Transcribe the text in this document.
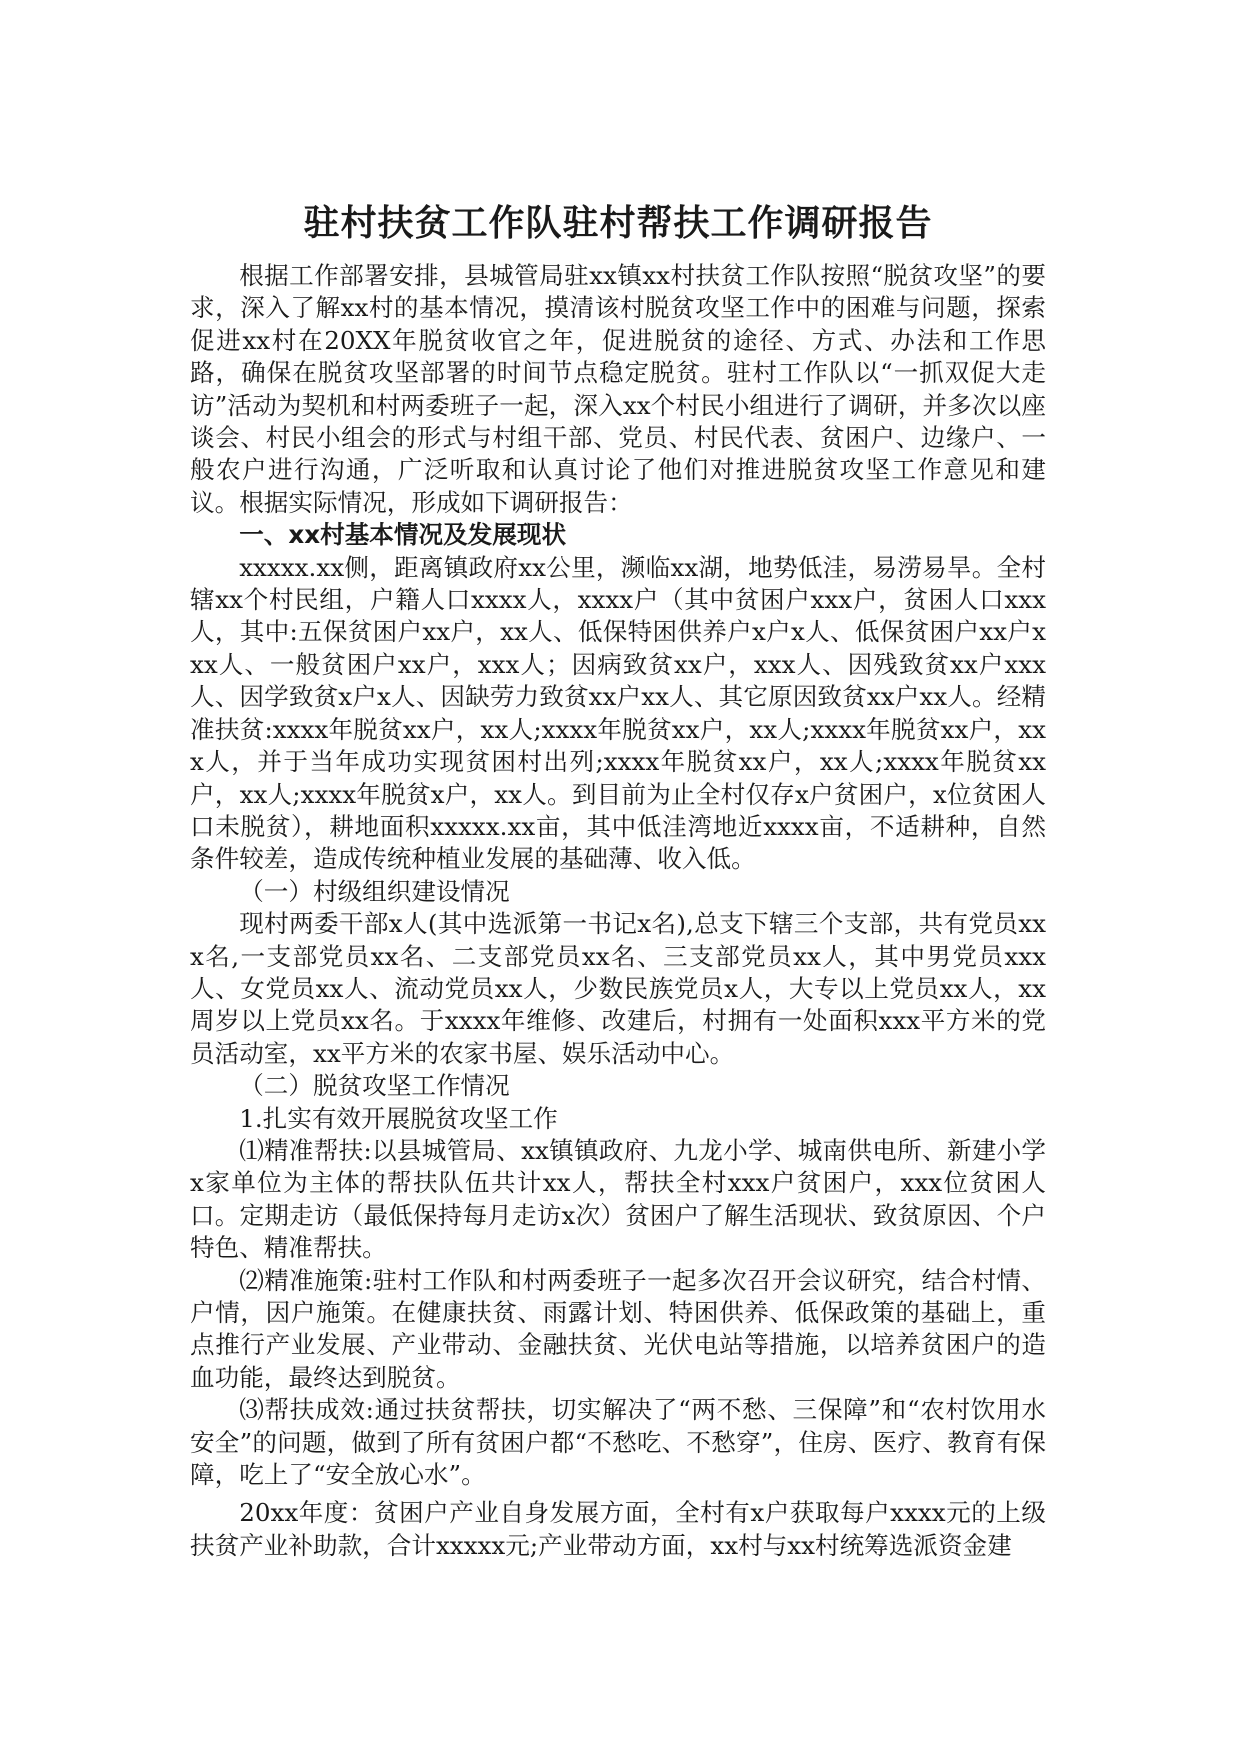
驻村扶贫工作队驻村帮扶工作调研报告

根据工作部署安排，县城管局驻xx镇xx村扶贫工作队按照“脱贫攻坚”的要求，深入了解xx村的基本情况，摸清该村脱贫攻坚工作中的困难与问题，探索促进xx村在20XX年脱贫收官之年，促进脱贫的途径、方式、办法和工作思路，确保在脱贫攻坚部署的时间节点稳定脱贫。驻村工作队以“一抓双促大走访”活动为契机和村两委班子一起，深入xx个村民小组进行了调研，并多次以座谈会、村民小组会的形式与村组干部、党员、村民代表、贫困户、边缘户、一般农户进行沟通，广泛听取和认真讨论了他们对推进脱贫攻坚工作意见和建议。根据实际情况，形成如下调研报告：

一、xx村基本情况及发展现状

xxxxx.xx侧，距离镇政府xx公里，濒临xx湖，地势低洼，易涝易旱。全村辖xx个村民组，户籍人口xxxx人，xxxx户（其中贫困户xxx户，贫困人口xxx人，其中:五保贫困户xx户，xx人、低保特困供养户x户x人、低保贫困户xx户xxx人、一般贫困户xx户，xxx人；因病致贫xx户，xxx人、因残致贫xx户xxx人、因学致贫x户x人、因缺劳力致贫xx户xx人、其它原因致贫xx户xx人。经精准扶贫:xxxx年脱贫xx户，xx人;xxxx年脱贫xx户，xx人;xxxx年脱贫xx户，xxx人，并于当年成功实现贫困村出列;xxxx年脱贫xx户，xx人;xxxx年脱贫xx户，xx人;xxxx年脱贫x户，xx人。到目前为止全村仅存x户贫困户，x位贫困人口未脱贫），耕地面积xxxxx.xx亩，其中低洼湾地近xxxx亩，不适耕种，自然条件较差，造成传统种植业发展的基础薄、收入低。

（一）村级组织建设情况

现村两委干部x人(其中选派第一书记x名),总支下辖三个支部，共有党员xxx名,一支部党员xx名、二支部党员xx名、三支部党员xx人，其中男党员xxx人、女党员xx人、流动党员xx人，少数民族党员x人，大专以上党员xx人，xx周岁以上党员xx名。于xxxx年维修、改建后，村拥有一处面积xxx平方米的党员活动室，xx平方米的农家书屋、娱乐活动中心。

（二）脱贫攻坚工作情况

1.扎实有效开展脱贫攻坚工作

⑴精准帮扶:以县城管局、xx镇镇政府、九龙小学、城南供电所、新建小学x家单位为主体的帮扶队伍共计xx人，帮扶全村xxx户贫困户，xxx位贫困人口。定期走访（最低保持每月走访x次）贫困户了解生活现状、致贫原因、个户特色、精准帮扶。

⑵精准施策:驻村工作队和村两委班子一起多次召开会议研究，结合村情、户情，因户施策。在健康扶贫、雨露计划、特困供养、低保政策的基础上，重点推行产业发展、产业带动、金融扶贫、光伏电站等措施，以培养贫困户的造血功能，最终达到脱贫。

⑶帮扶成效:通过扶贫帮扶，切实解决了“两不愁、三保障”和“农村饮用水安全”的问题，做到了所有贫困户都“不愁吃、不愁穿”，住房、医疗、教育有保障，吃上了“安全放心水”。

20xx年度：贫困户产业自身发展方面，全村有x户获取每户xxxx元的上级扶贫产业补助款，合计xxxxx元;产业带动方面，xx村与xx村统筹选派资金建
